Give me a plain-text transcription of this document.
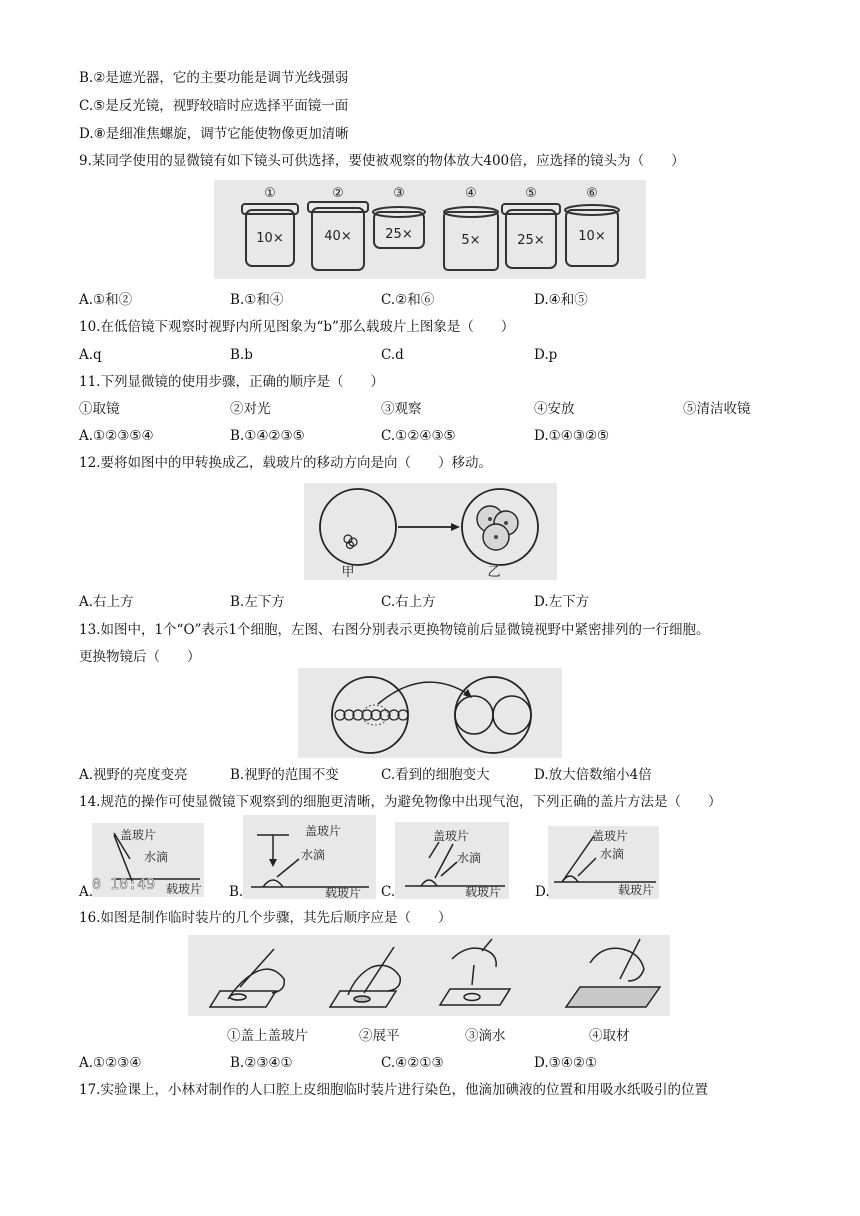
B.②是遮光器，它的主要功能是调节光线强弱
C.⑤是反光镜，视野较暗时应选择平面镜一面
D.⑧是细准焦螺旋，调节它能使物像更加清晰
9.某同学使用的显微镜有如下镜头可供选择，要使被观察的物体放大400倍，应选择的镜头为（　　）
①	②	③	④	⑤	⑥
10×	40×	25×	5×	25×	10×
A.①和②	B.①和④	C.②和⑥	D.④和⑤
10.在低倍镜下观察时视野内所见图象为“b”那么载玻片上图象是（　　）
A.q	B.b	C.d	D.p
11.下列显微镜的使用步骤，正确的顺序是（　　）
①取镜	②对光	③观察	④安放	⑤清洁收镜
A.①②③⑤④	B.①④②③⑤	C.①②④③⑤	D.①④③②⑤
12.要将如图中的甲转换成乙，载玻片的移动方向是向（　　）移动。
甲	乙
A.右上方	B.左下方	C.右上方	D.左下方
13.如图中，1个“O”表示1个细胞，左图、右图分别表示更换物镜前后显微镜视野中紧密排列的一行细胞。
更换物镜后（　　）
A.视野的亮度变亮	B.视野的范围不变	C.看到的细胞变大	D.放大倍数缩小4倍
14.规范的操作可使显微镜下观察到的细胞更清晰，为避免物像中出现气泡，下列正确的盖片方法是（　　）
盖玻片
水滴
载玻片
0 10:49
A.
盖玻片
水滴
载玻片
B.
盖玻片
水滴
载玻片
C.
盖玻片
水滴
载玻片
D.
16.如图是制作临时装片的几个步骤，其先后顺序应是（　　）
①盖上盖玻片	②展平	③滴水	④取材
A.①②③④	B.②③④①	C.④②①③	D.③④②①
17.实验课上，小林对制作的人口腔上皮细胞临时装片进行染色，他滴加碘液的位置和用吸水纸吸引的位置
